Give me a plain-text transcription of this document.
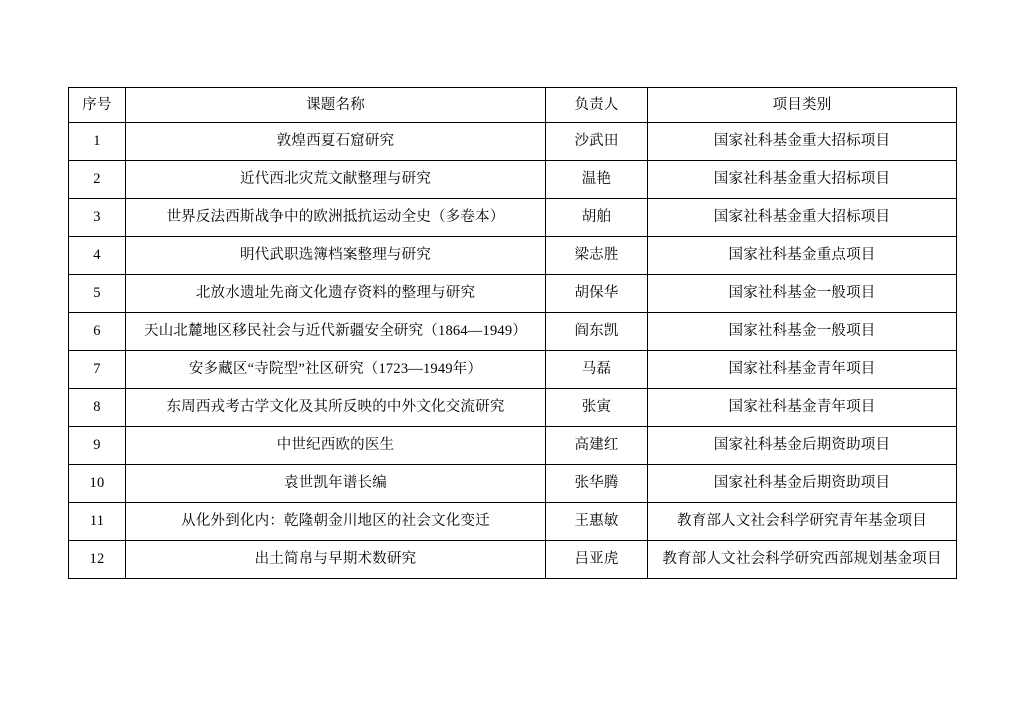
序号	课题名称	负责人	项目类别

1	敦煌西夏石窟研究	沙武田	国家社科基金重大招标项目

2	近代西北灾荒文献整理与研究	温艳	国家社科基金重大招标项目

3	世界反法西斯战争中的欧洲抵抗运动全史（多卷本）	胡舶	国家社科基金重大招标项目

4	明代武职选簿档案整理与研究	梁志胜	国家社科基金重点项目

5	北放水遗址先商文化遗存资料的整理与研究	胡保华	国家社科基金一般项目

6	天山北麓地区移民社会与近代新疆安全研究（1864—1949）	阎东凯	国家社科基金一般项目

7	安多藏区“寺院型”社区研究（1723—1949年）	马磊	国家社科基金青年项目

8	东周西戎考古学文化及其所反映的中外文化交流研究	张寅	国家社科基金青年项目

9	中世纪西欧的医生	高建红	国家社科基金后期资助项目

10	袁世凯年谱长编	张华腾	国家社科基金后期资助项目

11	从化外到化内：乾隆朝金川地区的社会文化变迁	王惠敏	教育部人文社会科学研究青年基金项目

12	出土简帛与早期术数研究	吕亚虎	教育部人文社会科学研究西部规划基金项目
